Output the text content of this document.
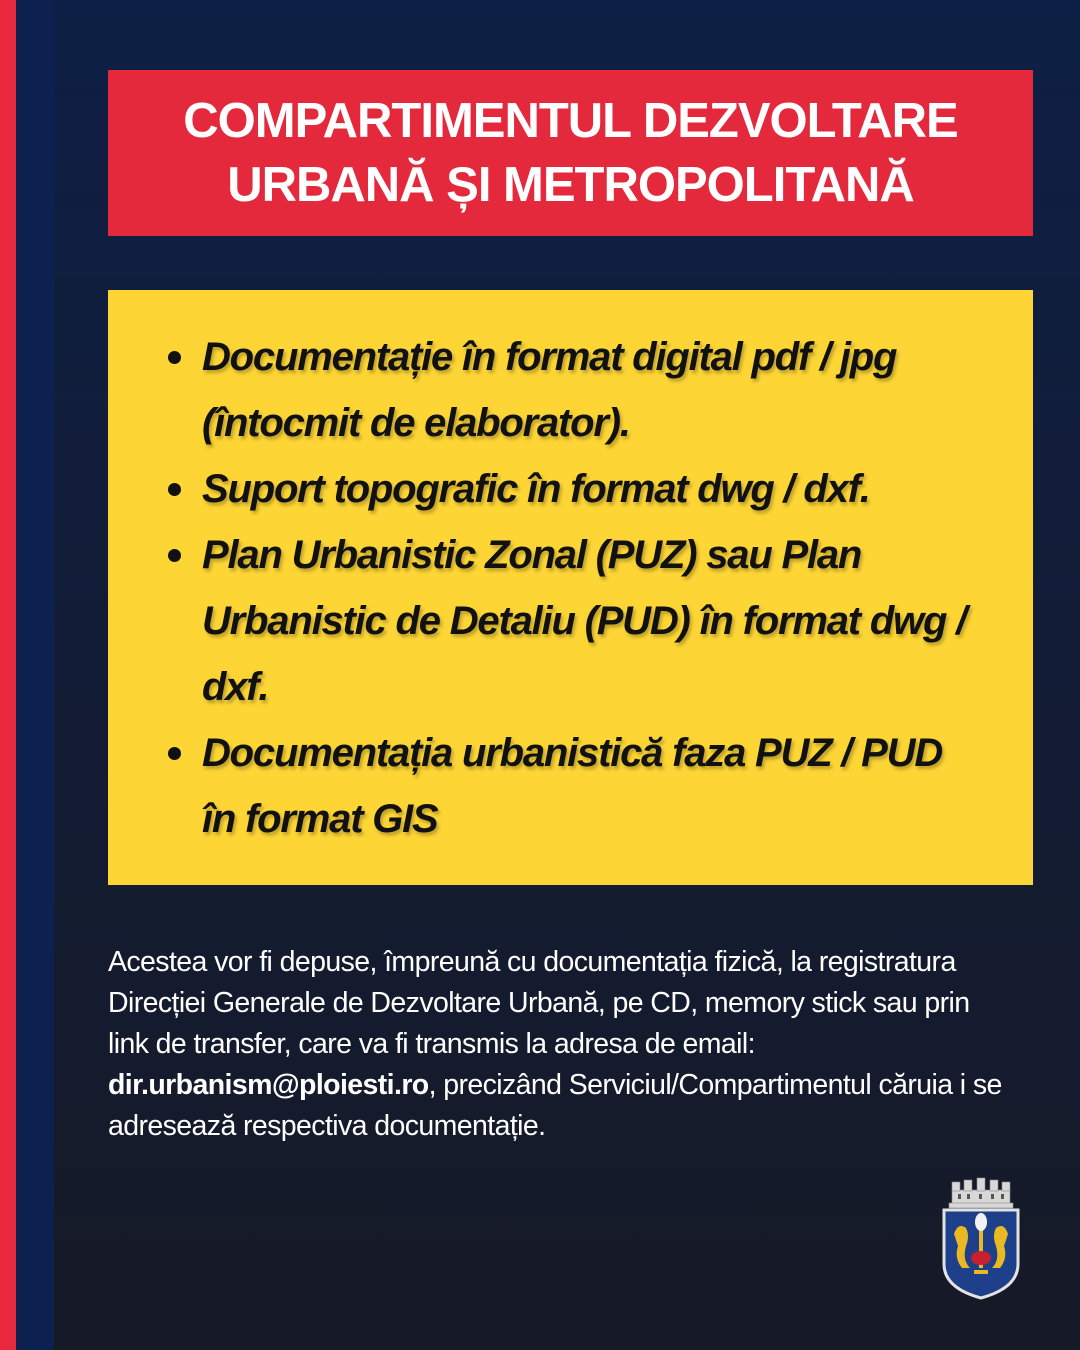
COMPARTIMENTUL DEZVOLTARE
URBANĂ ȘI METROPOLITANĂ
Documentație în format digital pdf / jpg (întocmit de elaborator).
Suport topografic în format dwg / dxf.
Plan Urbanistic Zonal (PUZ) sau Plan Urbanistic de Detaliu (PUD) în format dwg / dxf.
Documentația urbanistică faza PUZ / PUD în format GIS
Acestea vor fi depuse, împreună cu documentația fizică, la registratura Direcției Generale de Dezvoltare Urbană, pe CD, memory stick sau prin link de transfer, care va fi transmis la adresa de email: dir.urbanism@ploiesti.ro, precizând Serviciul/Compartimentul căruia i se adresează respectiva documentație.
